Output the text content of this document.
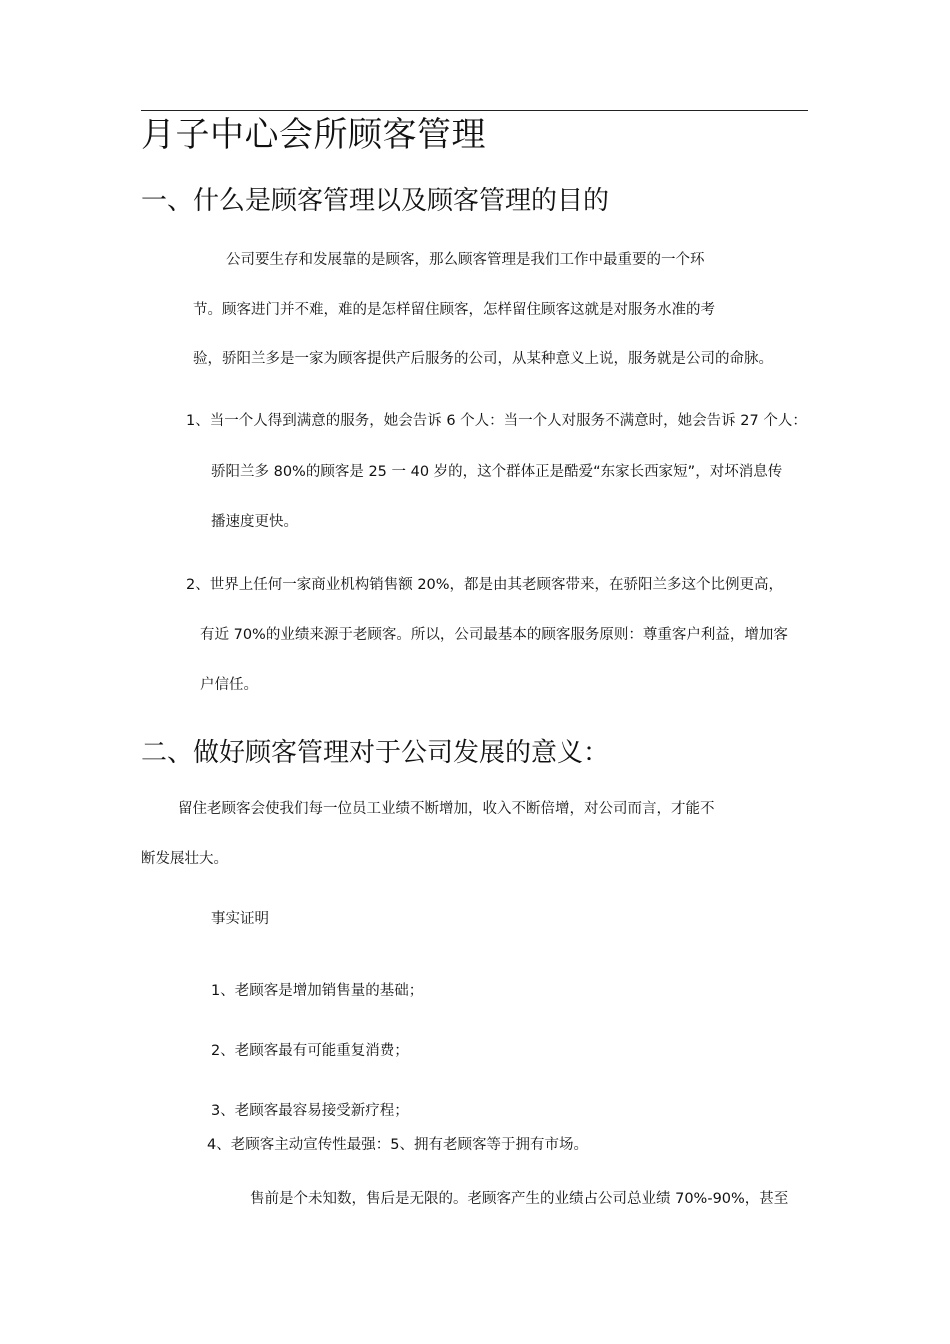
月子中心会所顾客管理
一、什么是顾客管理以及顾客管理的目的
公司要生存和发展靠的是顾客，那么顾客管理是我们工作中最重要的一个环
节。顾客进门并不难，难的是怎样留住顾客，怎样留住顾客这就是对服务水准的考
验，骄阳兰多是一家为顾客提供产后服务的公司，从某种意义上说，服务就是公司的命脉。
1、当一个人得到满意的服务，她会告诉 6 个人：当一个人对服务不满意时，她会告诉 27 个人：
骄阳兰多 80%的顾客是 25 一 40 岁的，这个群体正是酷爱“东家长西家短”，对坏消息传
播速度更快。
2、世界上任何一家商业机构销售额 20%，都是由其老顾客带来，在骄阳兰多这个比例更高，
有近 70%的业绩来源于老顾客。所以，公司最基本的顾客服务原则：尊重客户利益，增加客
户信任。
二、做好顾客管理对于公司发展的意义：
留住老顾客会使我们每一位员工业绩不断增加，收入不断倍增，对公司而言，才能不
断发展壮大。
事实证明
1、老顾客是增加销售量的基础；
2、老顾客最有可能重复消费；
3、老顾客最容易接受新疗程；
4、老顾客主动宣传性最强：5、拥有老顾客等于拥有市场。
售前是个未知数，售后是无限的。老顾客产生的业绩占公司总业绩 70%-90%，甚至
